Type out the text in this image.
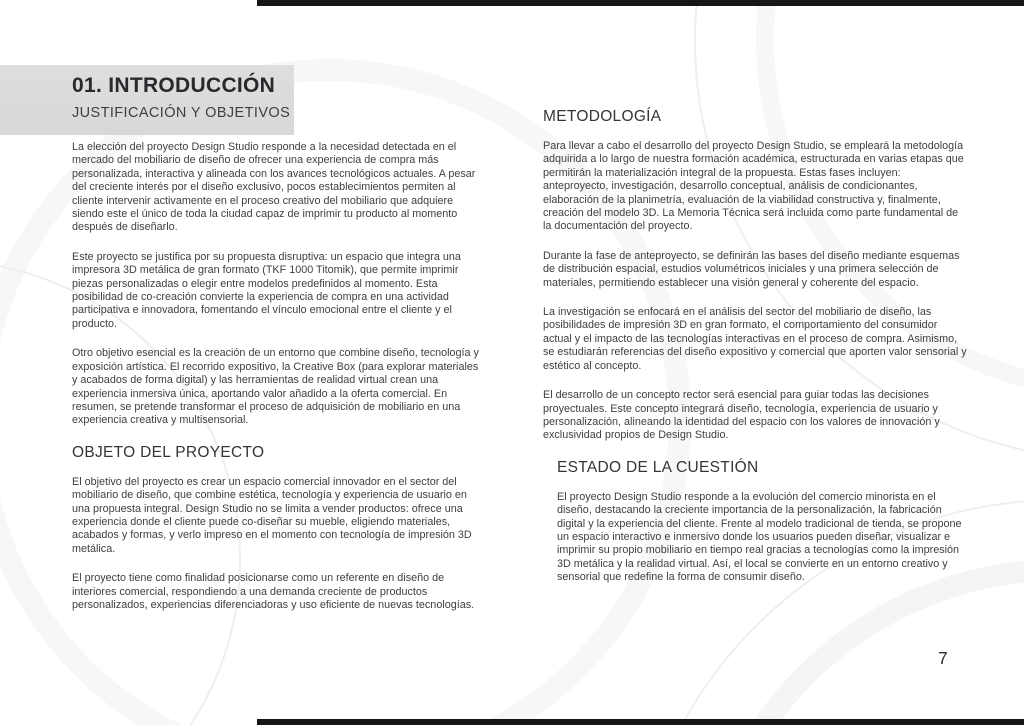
01. INTRODUCCIÓN
JUSTIFICACIÓN Y OBJETIVOS

La elección del proyecto Design Studio responde a la necesidad detectada en el mercado del mobiliario de diseño de ofrecer una experiencia de compra más personalizada, interactiva y alineada con los avances tecnológicos actuales. A pesar del creciente interés por el diseño exclusivo, pocos establecimientos permiten al cliente intervenir activamente en el proceso creativo del mobiliario que adquiere siendo este el único de toda la ciudad capaz de imprimir tu producto al momento después de diseñarlo.

Este proyecto se justifica por su propuesta disruptiva: un espacio que integra una impresora 3D metálica de gran formato (TKF 1000 Titomik), que permite imprimir piezas personalizadas o elegir entre modelos predefinidos al momento. Esta posibilidad de co-creación convierte la experiencia de compra en una actividad participativa e innovadora, fomentando el vínculo emocional entre el cliente y el producto.

Otro objetivo esencial es la creación de un entorno que combine diseño, tecnología y exposición artística. El recorrido expositivo, la Creative Box (para explorar materiales y acabados de forma digital) y las herramientas de realidad virtual crean una experiencia inmersiva única, aportando valor añadido a la oferta comercial. En resumen, se pretende transformar el proceso de adquisición de mobiliario en una experiencia creativa y multisensorial.

OBJETO DEL PROYECTO

El objetivo del proyecto es crear un espacio comercial innovador en el sector del mobiliario de diseño, que combine estética, tecnología y experiencia de usuario en una propuesta integral. Design Studio no se limita a vender productos: ofrece una experiencia donde el cliente puede co-diseñar su mueble, eligiendo materiales, acabados y formas, y verlo impreso en el momento con tecnología de impresión 3D metálica.

El proyecto tiene como finalidad posicionarse como un referente en diseño de interiores comercial, respondiendo a una demanda creciente de productos personalizados, experiencias diferenciadoras y uso eficiente de nuevas tecnologías.

METODOLOGÍA

Para llevar a cabo el desarrollo del proyecto Design Studio, se empleará la metodología adquirida a lo largo de nuestra formación académica, estructurada en varias etapas que permitirán la materialización integral de la propuesta. Estas fases incluyen: anteproyecto, investigación, desarrollo conceptual, análisis de condicionantes, elaboración de la planimetría, evaluación de la viabilidad constructiva y, finalmente, creación del modelo 3D. La Memoria Técnica será incluida como parte fundamental de la documentación del proyecto.

Durante la fase de anteproyecto, se definirán las bases del diseño mediante esquemas de distribución espacial, estudios volumétricos iniciales y una primera selección de materiales, permitiendo establecer una visión general y coherente del espacio.

La investigación se enfocará en el análisis del sector del mobiliario de diseño, las posibilidades de impresión 3D en gran formato, el comportamiento del consumidor actual y el impacto de las tecnologías interactivas en el proceso de compra. Asimismo, se estudiarán referencias del diseño expositivo y comercial que aporten valor sensorial y estético al concepto.

El desarrollo de un concepto rector será esencial para guiar todas las decisiones proyectuales. Este concepto integrará diseño, tecnología, experiencia de usuario y personalización, alineando la identidad del espacio con los valores de innovación y exclusividad propios de Design Studio.

ESTADO DE LA CUESTIÓN

El proyecto Design Studio responde a la evolución del comercio minorista en el diseño, destacando la creciente importancia de la personalización, la fabricación digital y la experiencia del cliente. Frente al modelo tradicional de tienda, se propone un espacio interactivo e inmersivo donde los usuarios pueden diseñar, visualizar e imprimir su propio mobiliario en tiempo real gracias a tecnologías como la impresión 3D metálica y la realidad virtual. Así, el local se convierte en un entorno creativo y sensorial que redefine la forma de consumir diseño.

7
